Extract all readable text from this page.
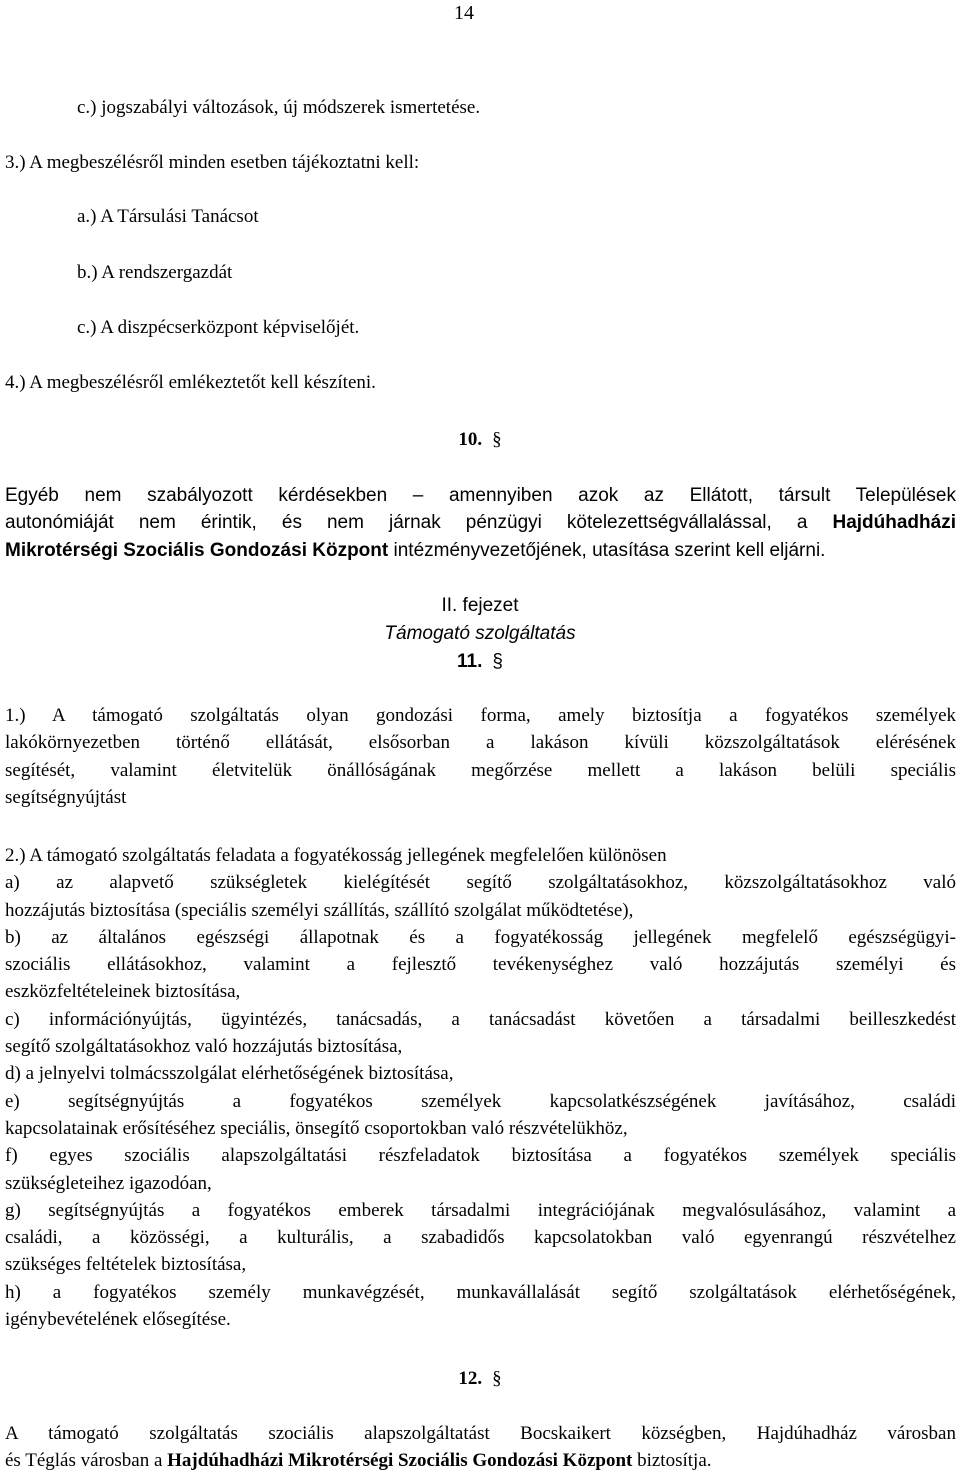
14
c.) jogszabályi változások, új módszerek ismertetése.
3.) A megbeszélésről minden esetben tájékoztatni kell:
a.) A Társulási Tanácsot
b.) A rendszergazdát
c.) A diszpécserközpont képviselőjét.
4.) A megbeszélésről emlékeztetőt kell készíteni.
10. §
Egyéb nem szabályozott kérdésekben – amennyiben azok az Ellátott, társult Települések
autonómiáját nem érintik, és nem járnak pénzügyi kötelezettségvállalással, a Hajdúhadházi
Mikrotérségi Szociális Gondozási Központ intézményvezetőjének, utasítása szerint kell eljárni.
II. fejezet
Támogató szolgáltatás
11. §
1.) A támogató szolgáltatás olyan gondozási forma, amely biztosítja a fogyatékos személyek
lakókörnyezetben történő ellátását, elsősorban a lakáson kívüli közszolgáltatások elérésének
segítését, valamint életvitelük önállóságának megőrzése mellett a lakáson belüli speciális
segítségnyújtást
2.) A támogató szolgáltatás feladata a fogyatékosság jellegének megfelelően különösen
a) az alapvető szükségletek kielégítését segítő szolgáltatásokhoz, közszolgáltatásokhoz való
hozzájutás biztosítása (speciális személyi szállítás, szállító szolgálat működtetése),
b) az általános egészségi állapotnak és a fogyatékosság jellegének megfelelő egészségügyi-
szociális ellátásokhoz, valamint a fejlesztő tevékenységhez való hozzájutás személyi és
eszközfeltételeinek biztosítása,
c) információnyújtás, ügyintézés, tanácsadás, a tanácsadást követően a társadalmi beilleszkedést
segítő szolgáltatásokhoz való hozzájutás biztosítása,
d) a jelnyelvi tolmácsszolgálat elérhetőségének biztosítása,
e) segítségnyújtás a fogyatékos személyek kapcsolatkészségének javításához, családi
kapcsolatainak erősítéséhez speciális, önsegítő csoportokban való részvételükhöz,
f) egyes szociális alapszolgáltatási részfeladatok biztosítása a fogyatékos személyek speciális
szükségleteihez igazodóan,
g) segítségnyújtás a fogyatékos emberek társadalmi integrációjának megvalósulásához, valamint a
családi, a közösségi, a kulturális, a szabadidős kapcsolatokban való egyenrangú részvételhez
szükséges feltételek biztosítása,
h) a fogyatékos személy munkavégzését, munkavállalását segítő szolgáltatások elérhetőségének,
igénybevételének elősegítése.
12. §
A támogató szolgáltatás szociális alapszolgáltatást Bocskaikert községben, Hajdúhadház városban
és Téglás városban a Hajdúhadházi Mikrotérségi Szociális Gondozási Központ biztosítja.
